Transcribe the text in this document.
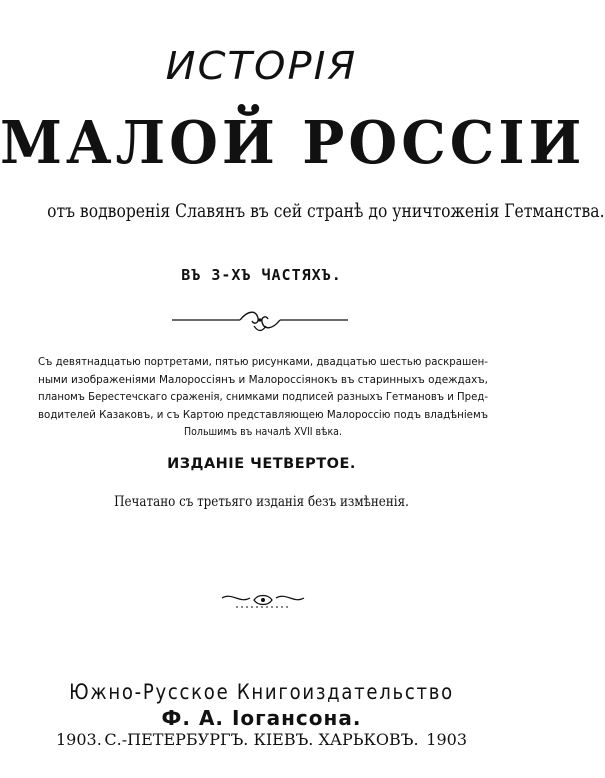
ИСТОРІЯ
МАЛОЙ РОССІИ
отъ водворенія Славянъ въ сей странѣ до уничтоженія Гетманства.
ВЪ 3-ХЪ ЧАСТЯХЪ.
Съ девятнадцатью портретами, пятью рисунками, двадцатью шестью раскрашен-
ными изображеніями Малороссіянъ и Малороссіянокъ въ старинныхъ одеждахъ,
планомъ Берестечскаго сраженія, снимками подписей разныхъ Гетмановъ и Пред-
водителей Казаковъ, и съ Картою представляющею Малороссію подъ владѣніемъ
Польшимъ въ началѣ XVII вѣка.
ИЗДАНІЕ ЧЕТВЕРТОЕ.
Печатано съ третьяго изданія безъ измѣненія.
Южно-Русское Книгоиздательство
Ф. А. Іогансона.
1903. С.-ПЕТЕРБУРГЪ. КІЕВЪ. ХАРЬКОВЪ. 1903
